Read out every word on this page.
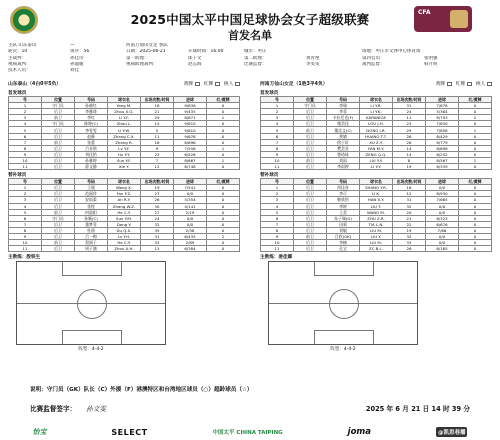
CFA
2025中国太平中国足球协会女子超级联赛
首发名单
主队 山东泰山	—	河南万仙山女足 客队
轮次：10	场序：56	日期：2025-06-21	开球时间：16:00	城市：枣庄	场地：枣庄市文体中心体育场
主裁判：	孙佳诗	第一助理：	郎子文	第二助理：	黄青艳	第四官员：	张明强
视频裁判：	孙淑媛	视频助理裁判：	赵志海	比赛监督：	李雯雯	裁判监督：	韩月明
技术人员：	刘佳
山东泰山（4白0平5负）	黄牌	红牌	换人
首发球员
号	位置	号码	球衣名	出场次数/时间	进球	红/黄牌
1	守门员	孙晓红	Yang M.	18	9/836	0
2	后卫	李雅琦	Zhou X.Q.	21	9/435	0
3	前卫	李红	Li Y.F.	29	8/671	1
4	守门员	陈婷(C)	Zhou L.	14	9/810	0
5	后卫	李雯雯	Li Y.W.	5	9/810	0
6	后卫	赵静	Zhang C.X.	11	9/676	0
7	前卫	张蕾	Zhang R.	16	8/696	0
8	后卫	吕亚琪	Lv Y.F.	9	7/556	1
9	后卫	刘佳怡	Hu Y.Y.	23	6/526	0
10	后卫	孙雅婷	Sun Y.F.	7	8/667	1
11	后卫	薛文静	Xie Y.	12	6/748	0
替补球员
号	位置	号码	球衣名	出场次数/时间	进球	红/黄牌
1	后卫	王媛	Wang X.	19	7/541	0
2	后卫	范丽莎	Fan F.Z.	27	0/0	0
3	后卫	安雨柔	An R.Y.	26	5/354	0
4	后卫	张悦	Zhang W.Z.	30	4/141	0
5	前卫	何晨阳	He C.Y.	27	2/19	0
6	守门员	孙颖(C)	Sun Y.M.	24	0/0	0
7	后卫	董梦菲	Dong Y.	32	0/0	0
8	后卫	杜倩	Du Q.X.	35	2/38	0
9	后卫	吕一梅	Lv Y.H.	31	6/435	2
10	前卫	贺丽子	He C.Y.	33	2/89	0
11	后卫	周子涵	Zhou X.H.	13	6/384	0
主教练：殷铁生
阵型：4-4-2
河南万仙山女足（1胜3平4负）	黄牌	红牌	换人
首发球员
号	位置	号码	球衣名	出场次数/时间	进球	红/黄牌
1	守门员	李瑞	LI Y.R.	31	7/678	0
2	后卫	李菲	LI Y.K.	24	5/364	0
3	后卫	卡拉尼克(F)	KARANIGE	11	8/793	2
4	后卫	楼美佳	LOU J.H.	23	7/630	0
5	前卫	董佳文(C)	DONG J.R.	29	7/658	1
6	后卫	黄婧	HUANG T.T.	26	6/429	0
7	后卫	徐子轩	XU Z.Y.	28	8/779	0
8	后卫	樊美亚	FAN M.Y.	14	8/698	0
9	后卫	曾琦琦	ZENG Q.Q.	14	6/252	0
10	前卫	刘雨	LIU Y.Y.	8	8/567	1
11	后卫	李雨婷	LI Y.Y.	19	6/339	0
替补球员
号	位置	号码	球衣名	出场次数/时间	进球	红/黄牌
1	后卫	尚佳音	SHANG Y.R.	16	0/0	0
2	后卫	李可	LI K.	12	8/930	0
3	后卫	韩欣怡	HAN X.Y.	31	7/665	0
4	后卫	李婷	LIU T.	32	0/0	0
5	后卫	王美	WANG M.	20	0/0	0
6	后卫	朱子瑞(G)	ZHU Z.R.	21	6/323	0
7	后卫	田莉	TIA L.N.	22	6/676	0
8	后卫	刘敏	LIU M.	19	7/68	0
9	前卫	吕欣(GK)	LIU Y.	32	0/0	0
10	后卫	李楠	LIU M.	33	0/0	0
11	后卫	孔宝	ZC B.L.	26	6/165	0
主教练：姜佳霖
阵型：4-4-2
说明：守门员（GK）队长（C）外援（F）港澳特区和台湾地区球员（○）超龄球员（☆）
比赛监督签字： 孙文雯	2025 年 6 月 21 日 14 时 39 分
怡宝	SELECT	中国太平 CHINA TAIPING	joma	@凯思巷播
